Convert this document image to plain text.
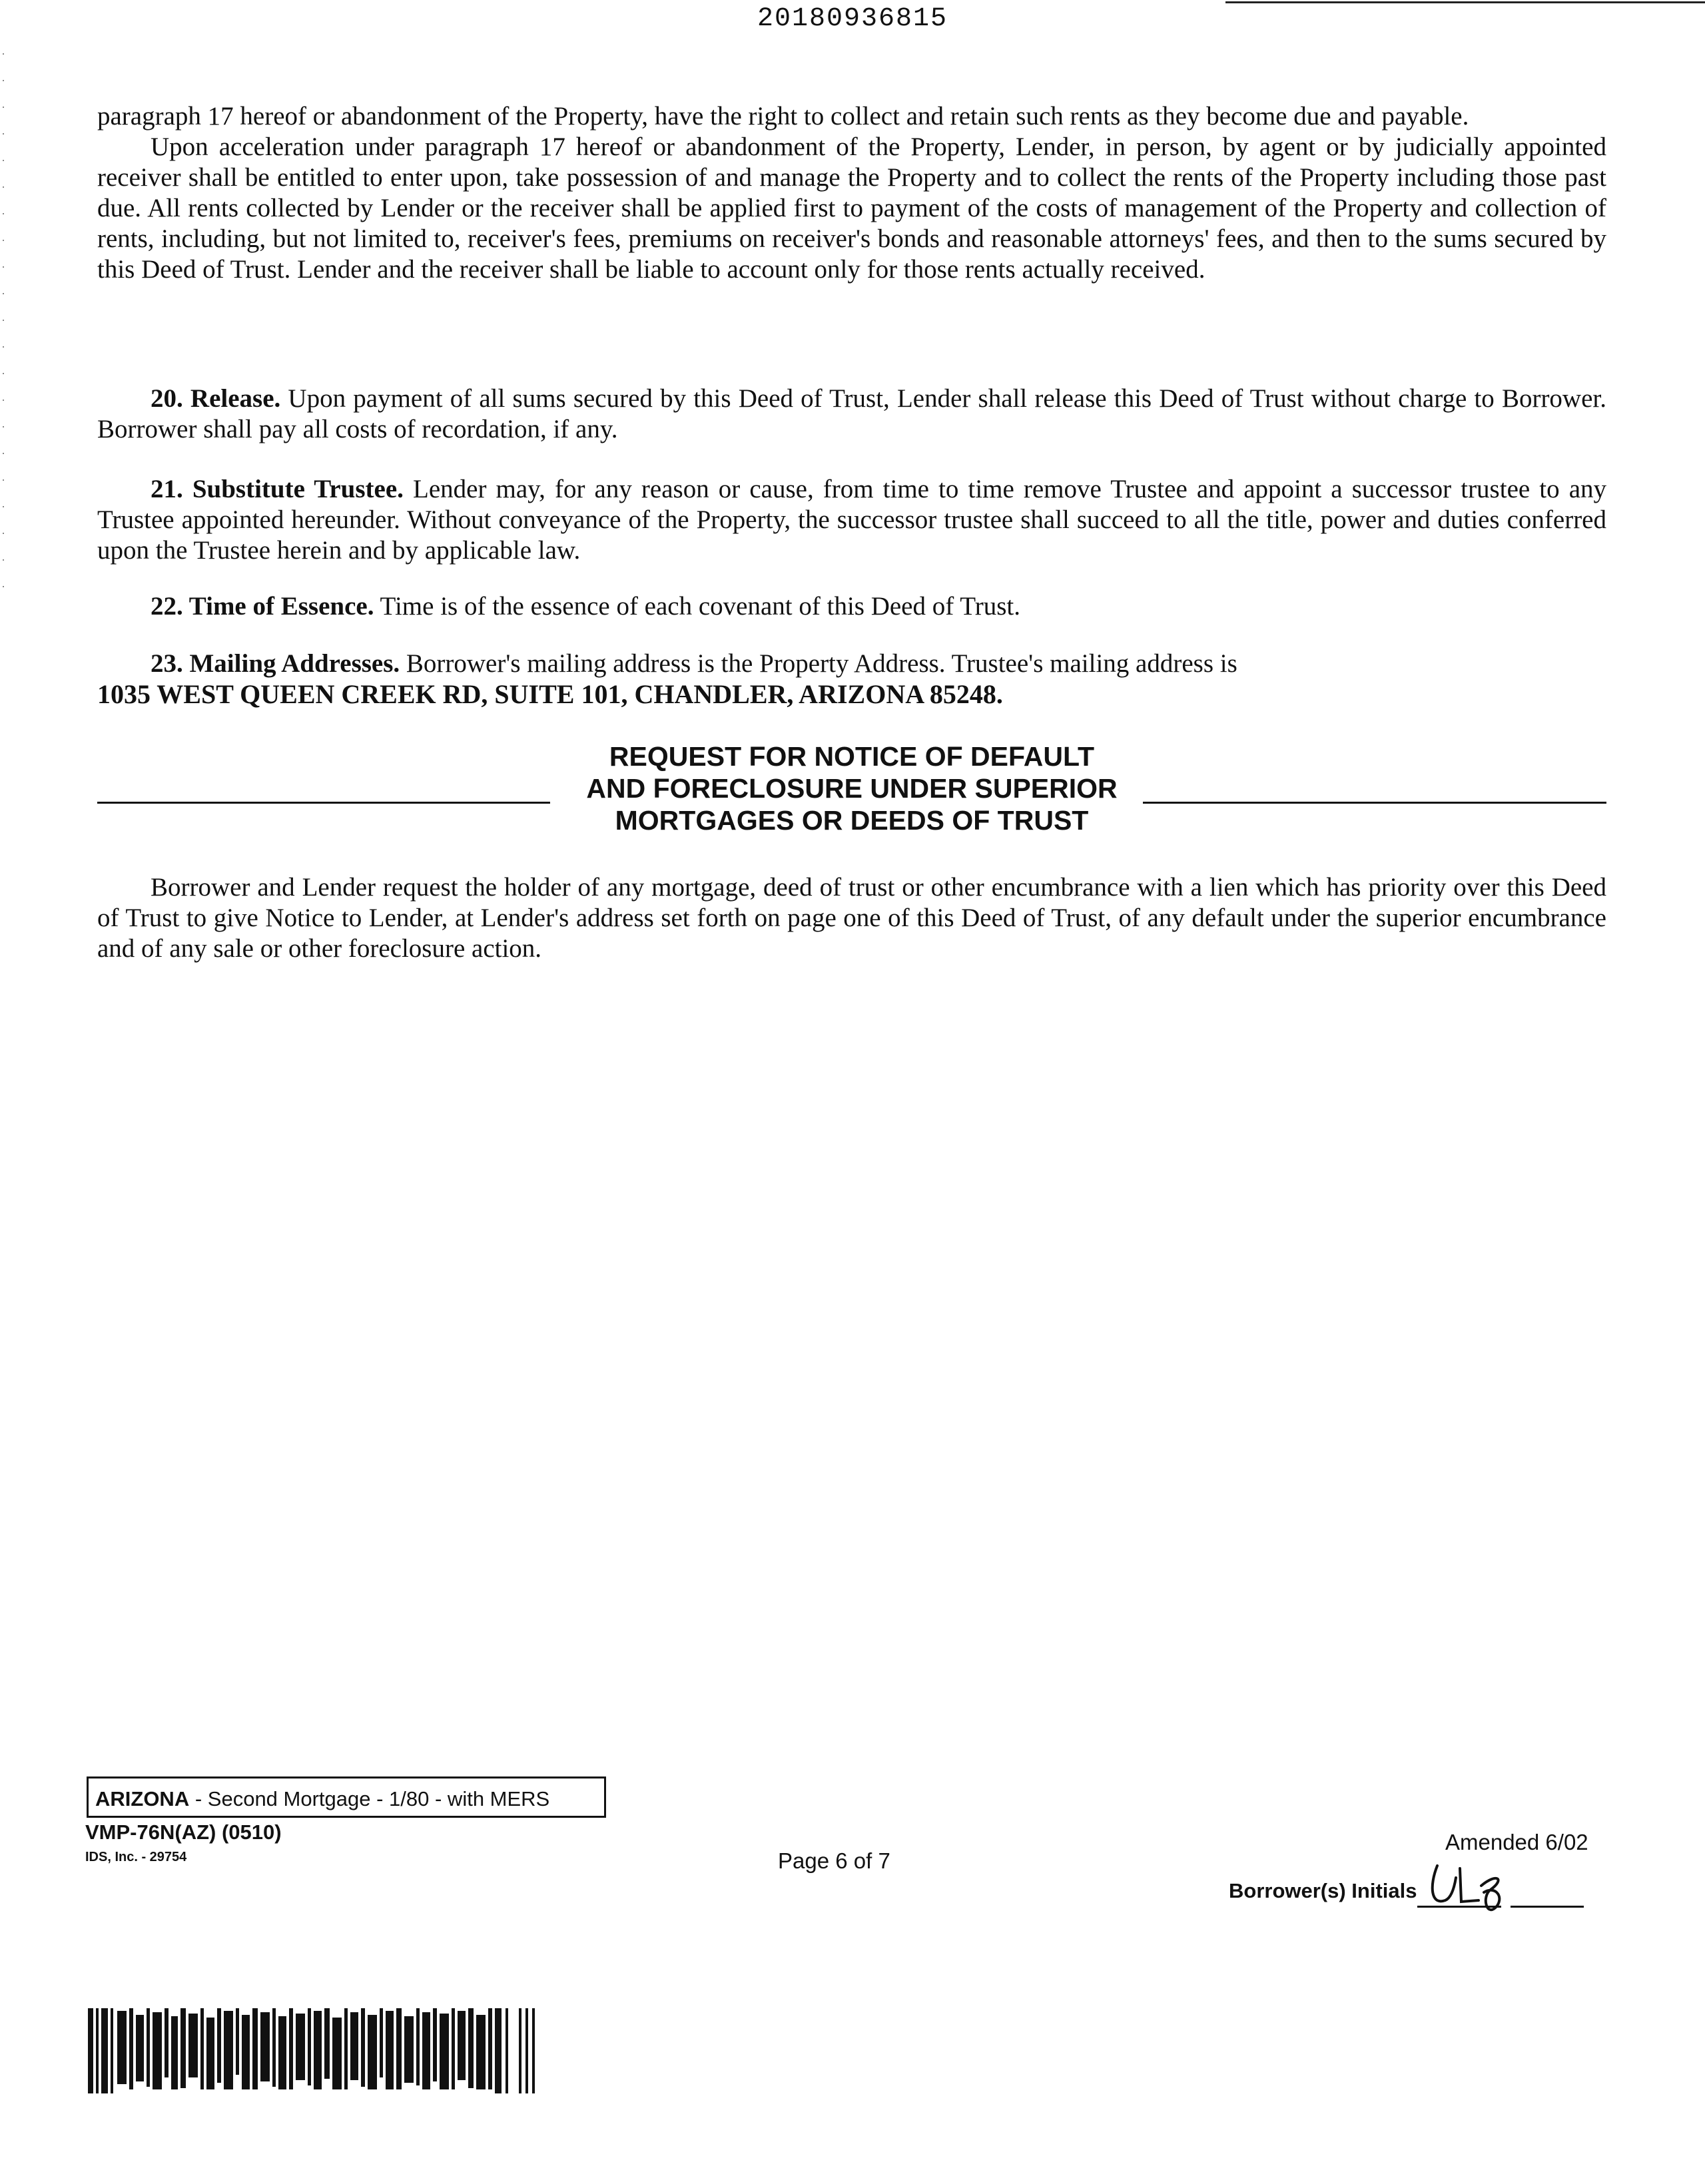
20180936815

paragraph 17 hereof or abandonment of the Property, have the right to collect and retain such rents as they become due and payable.

Upon acceleration under paragraph 17 hereof or abandonment of the Property, Lender, in person, by agent or by judicially appointed receiver shall be entitled to enter upon, take possession of and manage the Property and to collect the rents of the Property including those past due. All rents collected by Lender or the receiver shall be applied first to payment of the costs of management of the Property and collection of rents, including, but not limited to, receiver's fees, premiums on receiver's bonds and reasonable attorneys' fees, and then to the sums secured by this Deed of Trust. Lender and the receiver shall be liable to account only for those rents actually received.

20. Release. Upon payment of all sums secured by this Deed of Trust, Lender shall release this Deed of Trust without charge to Borrower. Borrower shall pay all costs of recordation, if any.

21. Substitute Trustee. Lender may, for any reason or cause, from time to time remove Trustee and appoint a successor trustee to any Trustee appointed hereunder. Without conveyance of the Property, the successor trustee shall succeed to all the title, power and duties conferred upon the Trustee herein and by applicable law.

22. Time of Essence. Time is of the essence of each covenant of this Deed of Trust.

23. Mailing Addresses. Borrower's mailing address is the Property Address. Trustee's mailing address is

1035 WEST QUEEN CREEK RD, SUITE 101, CHANDLER, ARIZONA 85248.

REQUEST FOR NOTICE OF DEFAULT
AND FORECLOSURE UNDER SUPERIOR
MORTGAGES OR DEEDS OF TRUST

Borrower and Lender request the holder of any mortgage, deed of trust or other encumbrance with a lien which has priority over this Deed of Trust to give Notice to Lender, at Lender's address set forth on page one of this Deed of Trust, of any default under the superior encumbrance and of any sale or other foreclosure action.

ARIZONA - Second Mortgage - 1/80 - with MERS
VMP-76N(AZ) (0510)
IDS, Inc. - 29754	Page 6 of 7
Amended 6/02
Borrower(s) Initials
